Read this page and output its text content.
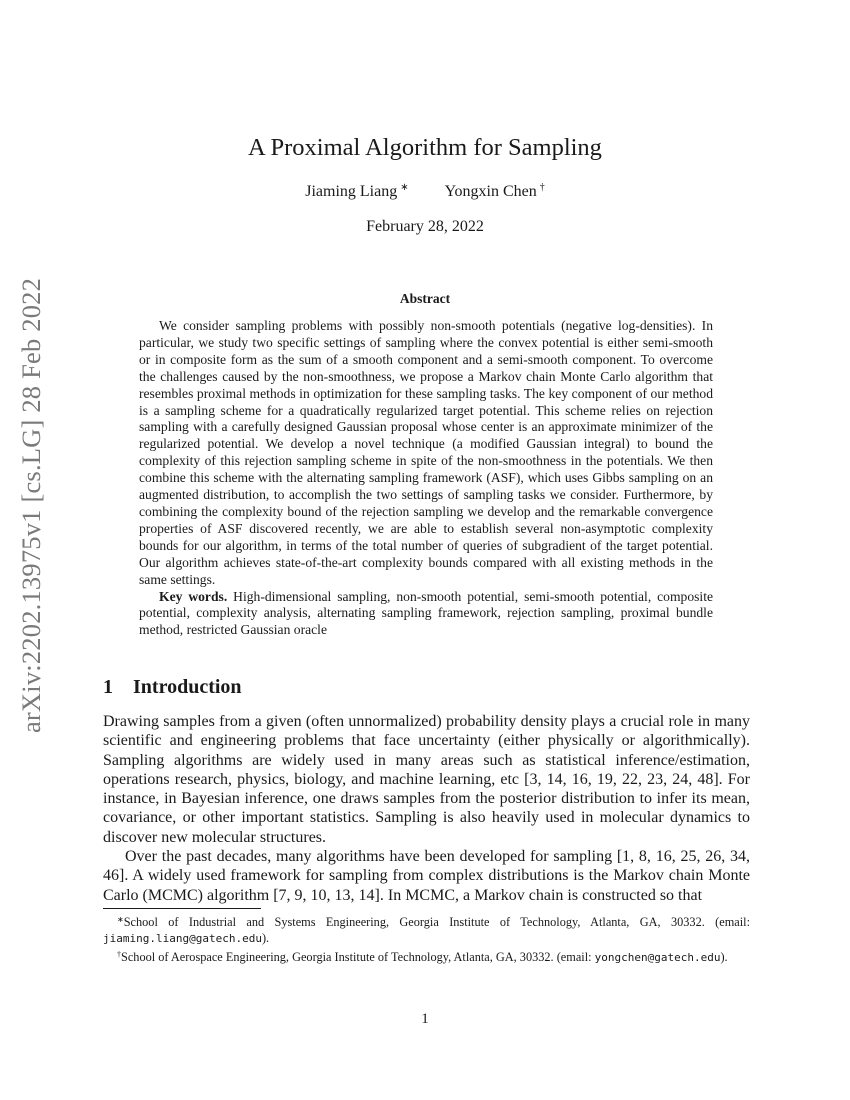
arXiv:2202.13975v1 [cs.LG] 28 Feb 2022
A Proximal Algorithm for Sampling
Jiaming Liang ∗ Yongxin Chen †
February 28, 2022
Abstract

We consider sampling problems with possibly non-smooth potentials (negative log-densities). In particular, we study two specific settings of sampling where the convex potential is either semi-smooth or in composite form as the sum of a smooth component and a semi-smooth component. To overcome the challenges caused by the non-smoothness, we propose a Markov chain Monte Carlo algorithm that resembles proximal methods in optimization for these sampling tasks. The key component of our method is a sampling scheme for a quadratically regularized target potential. This scheme relies on rejection sampling with a carefully designed Gaussian proposal whose center is an approximate minimizer of the regularized potential. We develop a novel technique (a modified Gaussian integral) to bound the complexity of this rejection sampling scheme in spite of the non-smoothness in the potentials. We then combine this scheme with the alternating sampling framework (ASF), which uses Gibbs sampling on an augmented distribution, to accomplish the two settings of sampling tasks we consider. Furthermore, by combining the complexity bound of the rejection sampling we develop and the remarkable convergence properties of ASF discovered recently, we are able to establish several non-asymptotic complexity bounds for our algorithm, in terms of the total number of queries of subgradient of the target potential. Our algorithm achieves state-of-the-art complexity bounds compared with all existing methods in the same settings.

Key words. High-dimensional sampling, non-smooth potential, semi-smooth potential, composite potential, complexity analysis, alternating sampling framework, rejection sampling, proximal bundle method, restricted Gaussian oracle

1 Introduction

Drawing samples from a given (often unnormalized) probability density plays a crucial role in many scientific and engineering problems that face uncertainty (either physically or algorithmically). Sampling algorithms are widely used in many areas such as statistical inference/estimation, operations research, physics, biology, and machine learning, etc [3, 14, 16, 19, 22, 23, 24, 48]. For instance, in Bayesian inference, one draws samples from the posterior distribution to infer its mean, covariance, or other important statistics. Sampling is also heavily used in molecular dynamics to discover new molecular structures.

Over the past decades, many algorithms have been developed for sampling [1, 8, 16, 25, 26, 34, 46]. A widely used framework for sampling from complex distributions is the Markov chain Monte Carlo (MCMC) algorithm [7, 9, 10, 13, 14]. In MCMC, a Markov chain is constructed so that

∗School of Industrial and Systems Engineering, Georgia Institute of Technology, Atlanta, GA, 30332. (email: jiaming.liang@gatech.edu).

†School of Aerospace Engineering, Georgia Institute of Technology, Atlanta, GA, 30332. (email: yongchen@gatech.edu).

1
